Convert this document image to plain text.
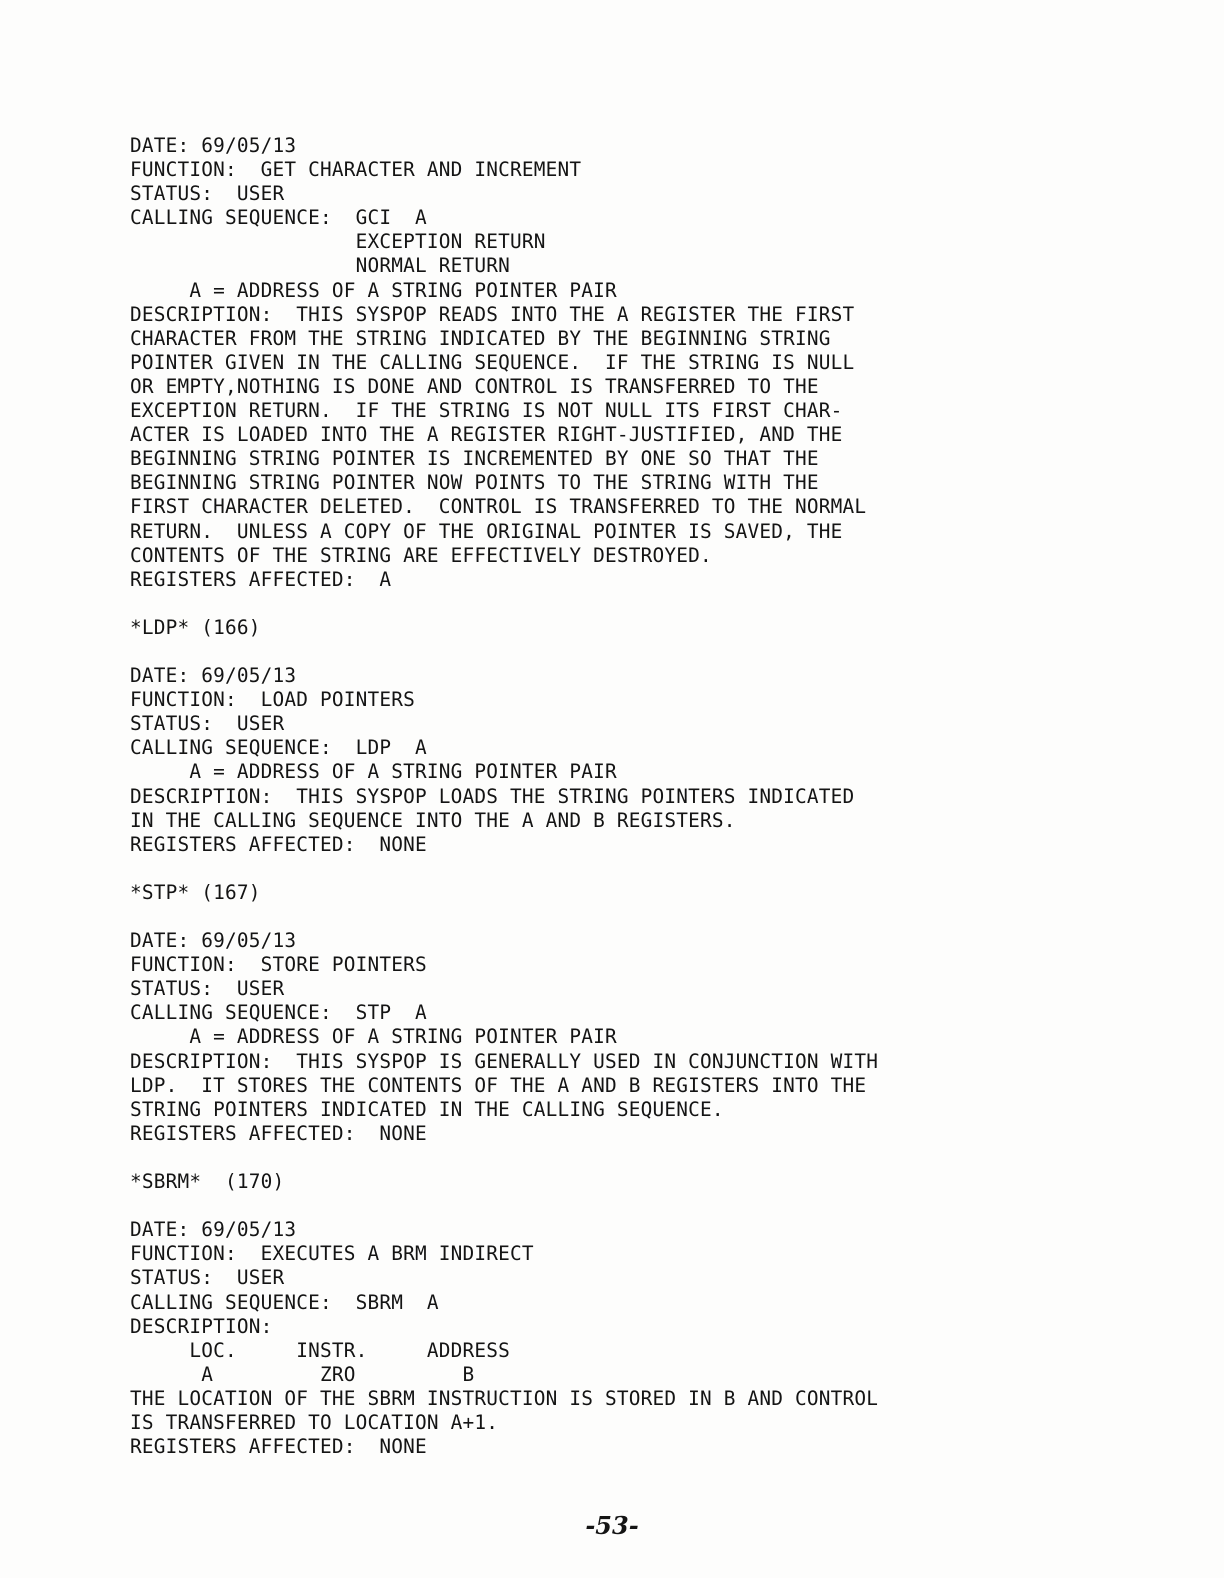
DATE: 69/05/13
FUNCTION:  GET CHARACTER AND INCREMENT
STATUS:  USER
CALLING SEQUENCE:  GCI  A
EXCEPTION RETURN
NORMAL RETURN
A = ADDRESS OF A STRING POINTER PAIR
DESCRIPTION:  THIS SYSPOP READS INTO THE A REGISTER THE FIRST
CHARACTER FROM THE STRING INDICATED BY THE BEGINNING STRING
POINTER GIVEN IN THE CALLING SEQUENCE.  IF THE STRING IS NULL
OR EMPTY,NOTHING IS DONE AND CONTROL IS TRANSFERRED TO THE
EXCEPTION RETURN.  IF THE STRING IS NOT NULL ITS FIRST CHAR-
ACTER IS LOADED INTO THE A REGISTER RIGHT-JUSTIFIED, AND THE
BEGINNING STRING POINTER IS INCREMENTED BY ONE SO THAT THE
BEGINNING STRING POINTER NOW POINTS TO THE STRING WITH THE
FIRST CHARACTER DELETED.  CONTROL IS TRANSFERRED TO THE NORMAL
RETURN.  UNLESS A COPY OF THE ORIGINAL POINTER IS SAVED, THE
CONTENTS OF THE STRING ARE EFFECTIVELY DESTROYED.
REGISTERS AFFECTED:  A
*LDP* (166)
DATE: 69/05/13
FUNCTION:  LOAD POINTERS
STATUS:  USER
CALLING SEQUENCE:  LDP  A
A = ADDRESS OF A STRING POINTER PAIR
DESCRIPTION:  THIS SYSPOP LOADS THE STRING POINTERS INDICATED
IN THE CALLING SEQUENCE INTO THE A AND B REGISTERS.
REGISTERS AFFECTED:  NONE
*STP* (167)
DATE: 69/05/13
FUNCTION:  STORE POINTERS
STATUS:  USER
CALLING SEQUENCE:  STP  A
A = ADDRESS OF A STRING POINTER PAIR
DESCRIPTION:  THIS SYSPOP IS GENERALLY USED IN CONJUNCTION WITH
LDP.  IT STORES THE CONTENTS OF THE A AND B REGISTERS INTO THE
STRING POINTERS INDICATED IN THE CALLING SEQUENCE.
REGISTERS AFFECTED:  NONE
*SBRM*  (170)
DATE: 69/05/13
FUNCTION:  EXECUTES A BRM INDIRECT
STATUS:  USER
CALLING SEQUENCE:  SBRM  A
DESCRIPTION:
LOC.     INSTR.     ADDRESS
A         ZRO         B
THE LOCATION OF THE SBRM INSTRUCTION IS STORED IN B AND CONTROL
IS TRANSFERRED TO LOCATION A+1.
REGISTERS AFFECTED:  NONE
-53-
